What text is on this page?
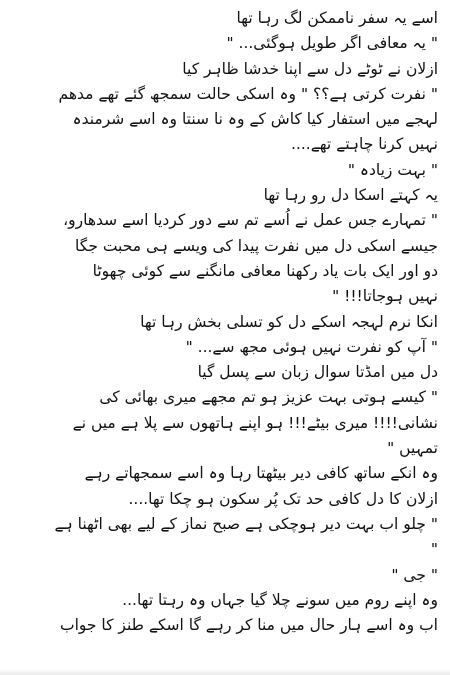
اسے یہ سفر ناممکن لگ رہا تھا
" یہ معافی اگر طویل ہوگئی... "
ازلان نے ٹوٹے دل سے اپنا خدشا ظاہر کیا
" نفرت کرتی ہے؟؟ " وہ اسکی حالت سمجھ گئے تھے مدھم
لہجے میں استفار کیا کاش کے وہ نا سنتا وہ اسے شرمندہ
نہیں کرنا چاہتے تھے....
" بہت زیادہ "
یہ کہتے اسکا دل رو رہا تھا
" تمہارے جس عمل نے اُسے تم سے دور کردیا اسے سدھارو،
جیسے اسکی دل میں نفرت پیدا کی ویسے ہی محبت جگا
دو اور ایک بات یاد رکھنا معافی مانگنے سے کوئی چھوٹا
نہیں ہوجاتا!!! "
انکا نرم لہجہ اسکے دل کو تسلی بخش رہا تھا
" آپ کو نفرت نہیں ہوئی مجھ سے... "
دل میں امڈتا سوال زبان سے پسل گیا
" کیسے ہوتی بہت عزیز ہو تم مجھے میری بھائی کی
نشانی!!!! میری بیٹے!!! ہو اپنے ہاتھوں سے پلا ہے میں نے
تمہیں "
وہ انکے ساتھ کافی دیر بیٹھتا رہا وہ اسے سمجھاتے رہے
ازلان کا دل کافی حد تک پُر سکون ہو چکا تھا....
" چلو اب بہت دیر ہوچکی ہے صبح نماز کے لیے بھی اٹھنا ہے
"
" جی "
وہ اپنے روم میں سونے چلا گیا جہاں وہ رہتا تھا...
اب وہ اسے ہار حال میں منا کر رہے گا اسکے طنز کا جواب
